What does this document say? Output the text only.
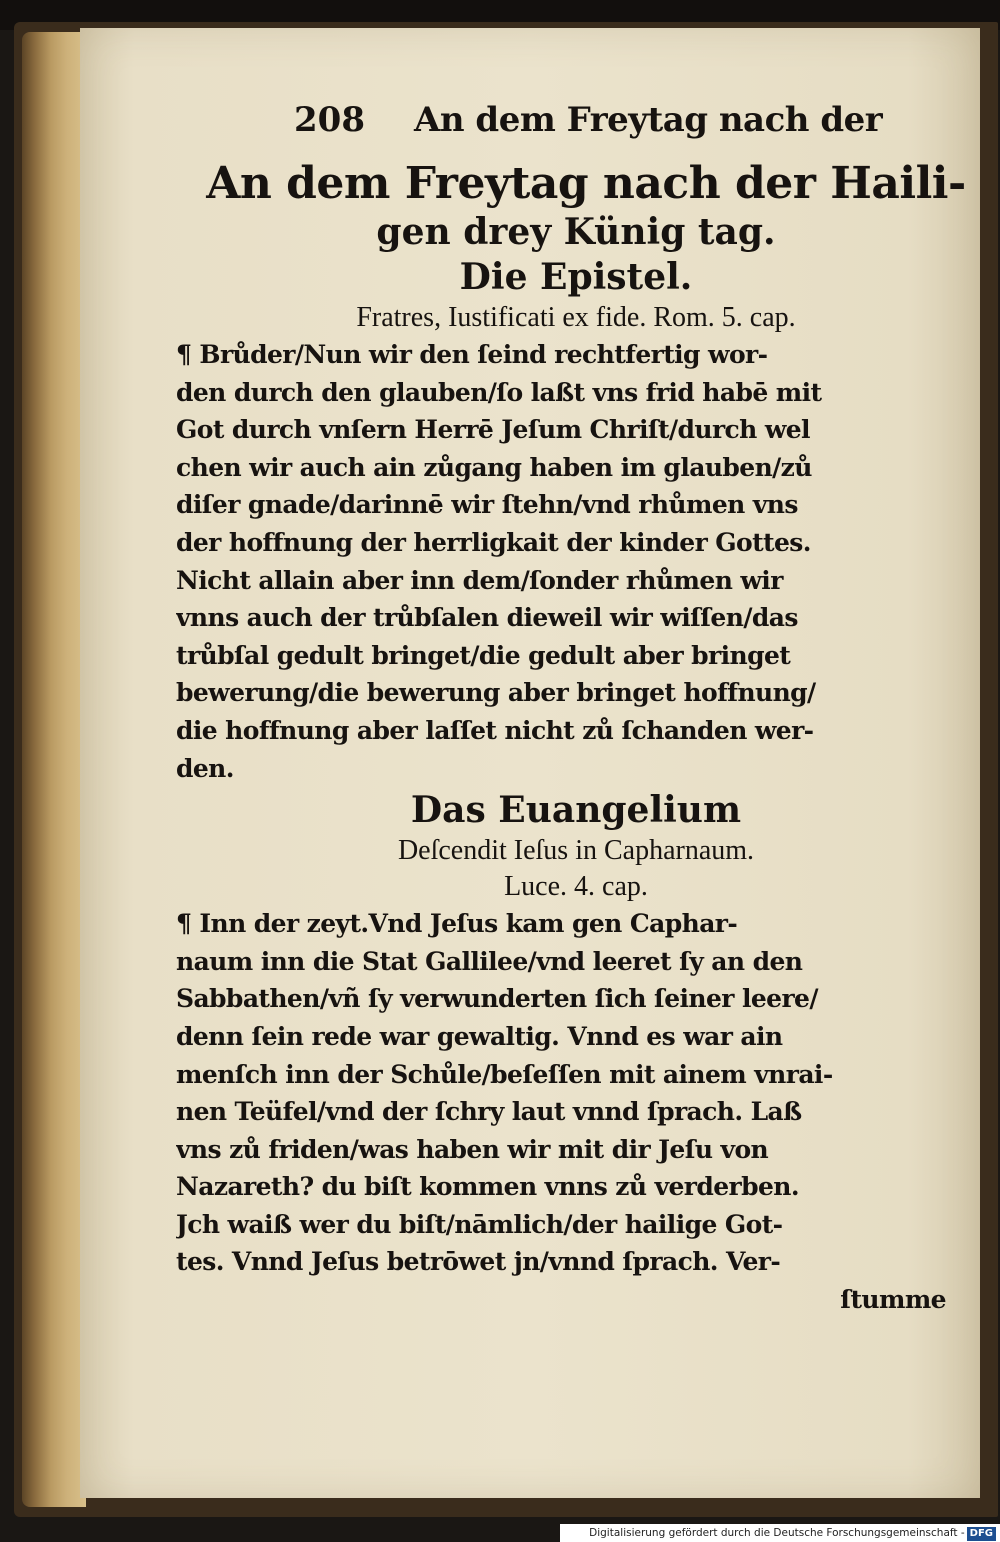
208	An dem Freytag nach der
An dem Freytag nach der Haili-
gen drey Künig tag.
Die Epistel.
Fratres, Iustificati ex fide. Rom. 5. cap.
¶ Brůder/Nun wir den ſeind rechtfertig wor-
den durch den glauben/ſo laßt vns frid habē mit
Got durch vnſern Herrē Jeſum Chriſt/durch wel
chen wir auch ain zůgang haben im glauben/zů
diſer gnade/darinnē wir ſtehn/vnd rhůmen vns
der hoffnung der herrligkait der kinder Gottes.
Nicht allain aber inn dem/ſonder rhůmen wir
vnns auch der trůbſalen dieweil wir wiſſen/das
trůbſal gedult bringet/die gedult aber bringet
bewerung/die bewerung aber bringet hoffnung/
die hoffnung aber laſſet nicht zů ſchanden wer-
den.
Das Euangelium
Deſcendit Ieſus in Capharnaum.
Luce. 4. cap.
¶ Inn der zeyt.Vnd Jeſus kam gen Caphar-
naum inn die Stat Gallilee/vnd leeret ſy an den
Sabbathen/vñ ſy verwunderten ſich ſeiner leere/
denn ſein rede war gewaltig. Vnnd es war ain
menſch inn der Schůle/beſeſſen mit ainem vnrai-
nen Teüfel/vnd der ſchry laut vnnd ſprach. Laß
vns zů friden/was haben wir mit dir Jeſu von
Nazareth? du biſt kommen vnns zů verderben.
Jch waiß wer du biſt/nāmlich/der hailige Got-
tes. Vnnd Jeſus betrōwet jn/vnnd ſprach. Ver-
ſtumme
Digitalisierung gefördert durch die Deutsche Forschungsgemeinschaft - DFG
